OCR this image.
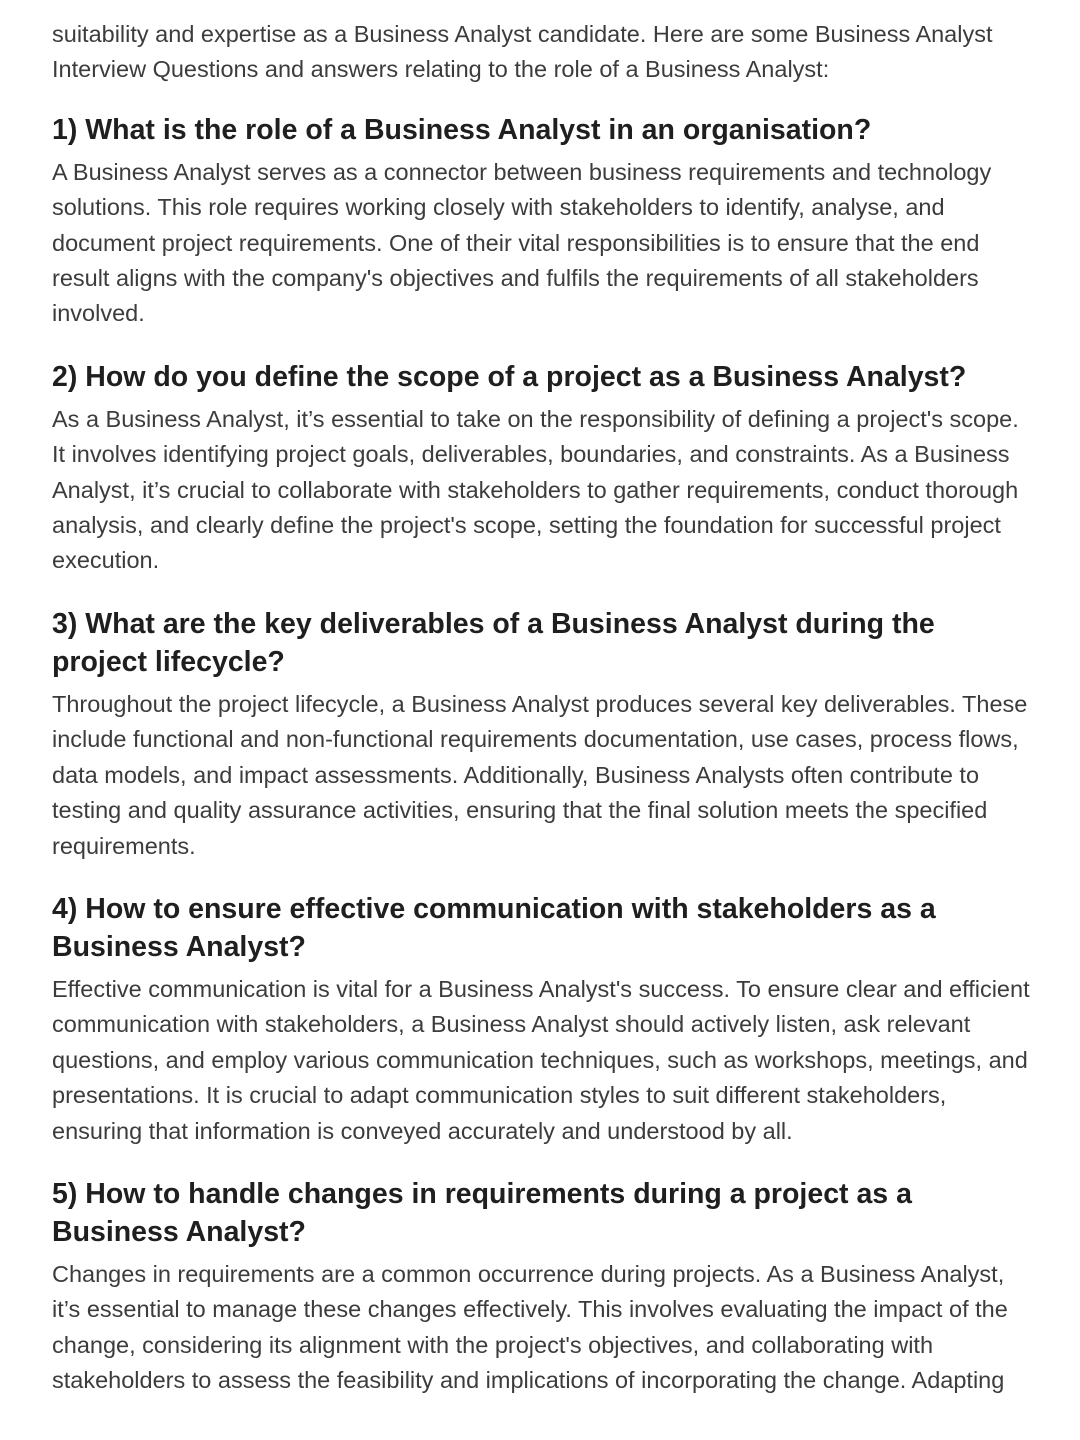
suitability and expertise as a Business Analyst candidate. Here are some Business Analyst Interview Questions and answers relating to the role of a Business Analyst:

1) What is the role of a Business Analyst in an organisation?

A Business Analyst serves as a connector between business requirements and technology solutions. This role requires working closely with stakeholders to identify, analyse, and document project requirements. One of their vital responsibilities is to ensure that the end result aligns with the company's objectives and fulfils the requirements of all stakeholders involved.

2) How do you define the scope of a project as a Business Analyst?

As a Business Analyst, it’s essential to take on the responsibility of defining a project's scope. It involves identifying project goals, deliverables, boundaries, and constraints. As a Business Analyst, it’s crucial to collaborate with stakeholders to gather requirements, conduct thorough analysis, and clearly define the project's scope, setting the foundation for successful project execution.

3) What are the key deliverables of a Business Analyst during the project lifecycle?

Throughout the project lifecycle, a Business Analyst produces several key deliverables. These include functional and non-functional requirements documentation, use cases, process flows, data models, and impact assessments. Additionally, Business Analysts often contribute to testing and quality assurance activities, ensuring that the final solution meets the specified requirements.

4) How to ensure effective communication with stakeholders as a Business Analyst?

Effective communication is vital for a Business Analyst's success. To ensure clear and efficient communication with stakeholders, a Business Analyst should actively listen, ask relevant questions, and employ various communication techniques, such as workshops, meetings, and presentations. It is crucial to adapt communication styles to suit different stakeholders, ensuring that information is conveyed accurately and understood by all.

5) How to handle changes in requirements during a project as a Business Analyst?

Changes in requirements are a common occurrence during projects. As a Business Analyst, it’s essential to manage these changes effectively. This involves evaluating the impact of the change, considering its alignment with the project's objectives, and collaborating with stakeholders to assess the feasibility and implications of incorporating the change. Adapting
